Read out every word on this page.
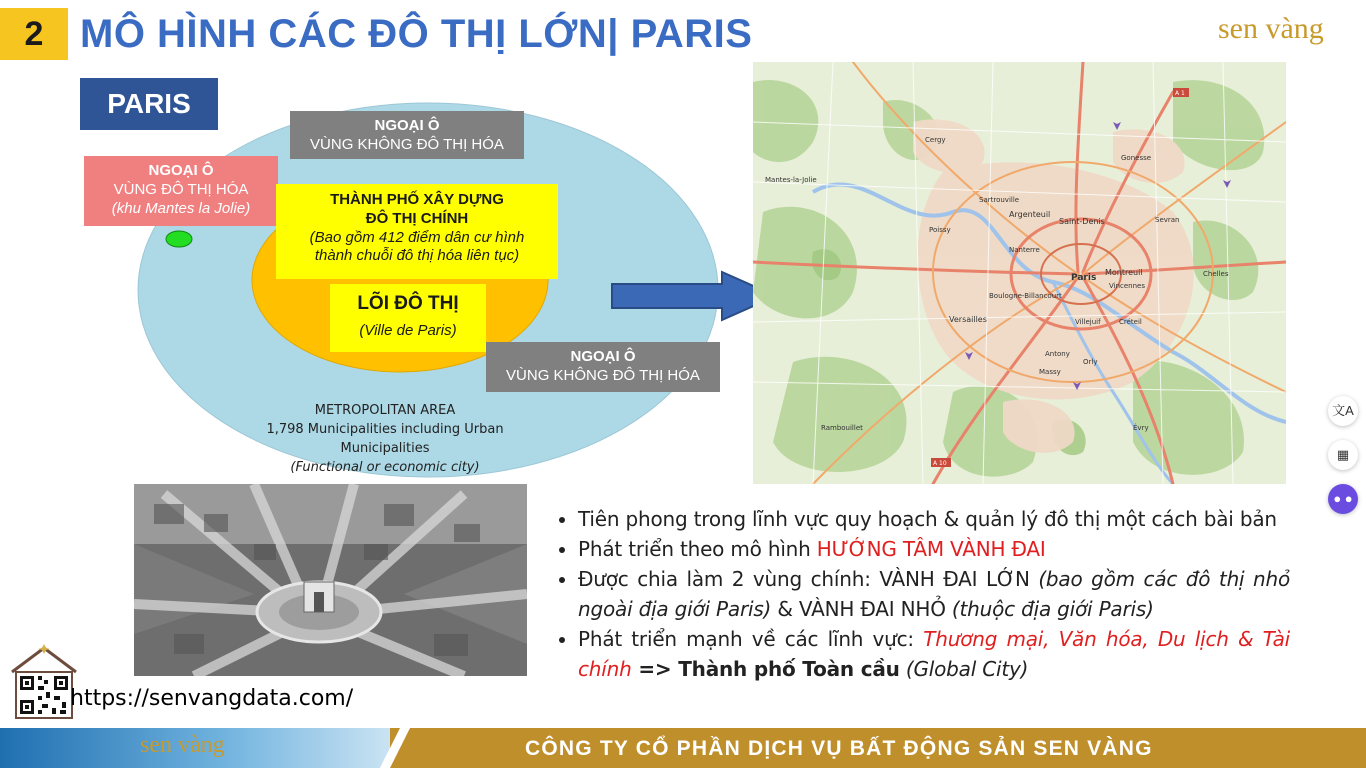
2 MÔ HÌNH CÁC ĐÔ THỊ LỚN| PARIS	sen vàng
PARIS
NGOẠI Ô
VÙNG KHÔNG ĐÔ THỊ HÓA
NGOẠI Ô
VÙNG ĐÔ THỊ HÓA
(khu Mantes la Jolie)	THÀNH PHỐ XÂY DỰNG
ĐÔ THỊ CHÍNH
(Bao gồm 412 điểm dân cư hình
thành chuỗi đô thị hóa liên tục)
LÕI ĐÔ THỊ
(Ville de Paris)
NGOẠI Ô
VÙNG KHÔNG ĐÔ THỊ HÓA
METROPOLITAN AREA
1,798 Municipalities including Urban Municipalities
(Functional or economic city)
Paris
Saint-Denis
Argenteuil
Montreuil
Boulogne-Billancourt
Versailles
Massy
Cergy
Poissy
Mantes-la-Jolie
Vincennes
Créteil
Nanterre
Antony
Sartrouville
Gonesse
Sevran
Chelles
Villejuif
Orly
Rambouillet	Évry
A 10
A 1
• Tiên phong trong lĩnh vực quy hoạch & quản lý đô thị một cách bài bản
• Phát triển theo mô hình HƯỚNG TÂM VÀNH ĐAI
• Được chia làm 2 vùng chính: VÀNH ĐAI LỚN (bao gồm các đô thị nhỏ ngoài địa giới Paris) & VÀNH ĐAI NHỎ (thuộc địa giới Paris)
• Phát triển mạnh về các lĩnh vực: Thương mại, Văn hóa, Du lịch & Tài chính => Thành phố Toàn cầu (Global City)
https://senvangdata.com/
sen vàng	CÔNG TY CỔ PHẦN DỊCH VỤ BẤT ĐỘNG SẢN SEN VÀNG
文A
▦
● ●
